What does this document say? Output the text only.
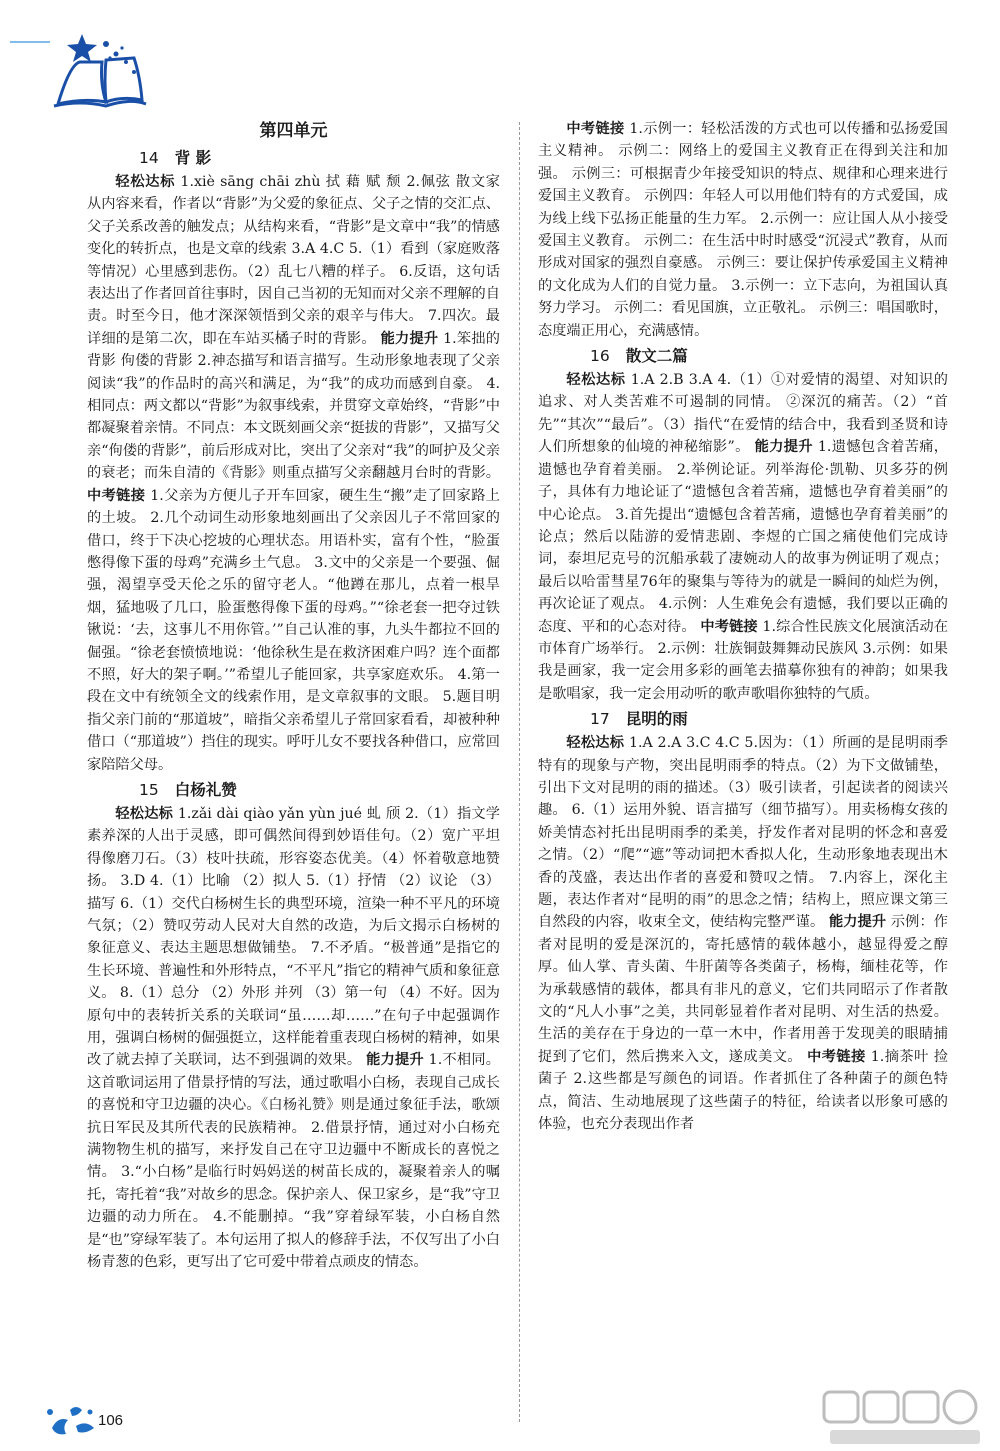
第四单元
14 背 影

轻松达标 1.xiè sāng chāi zhù 拭 藉 赋 颓 2.佩弦 散文家 从内容来看，作者以“背影”为父爱的象征点、父子之情的交汇点、父子关系改善的触发点；从结构来看，“背影”是文章中“我”的情感变化的转折点，也是文章的线索 3.A 4.C 5.（1）看到（家庭败落等情况）心里感到悲伤。（2）乱七八糟的样子。 6.反语，这句话表达出了作者回首往事时，因自己当初的无知而对父亲不理解的自责。时至今日，他才深深领悟到父亲的艰辛与伟大。 7.四次。最详细的是第二次，即在车站买橘子时的背影。 能力提升 1.笨拙的背影 佝偻的背影 2.神态描写和语言描写。生动形象地表现了父亲阅读“我”的作品时的高兴和满足，为“我”的成功而感到自豪。 4.相同点：两文都以“背影”为叙事线索，并贯穿文章始终，“背影”中都凝聚着亲情。不同点：本文既刻画父亲“挺拔的背影”，又描写父亲“佝偻的背影”，前后形成对比，突出了父亲对“我”的呵护及父亲的衰老；而朱自清的《背影》则重点描写父亲翻越月台时的背影。 中考链接 1.父亲为方便儿子开车回家，硬生生“搬”走了回家路上的土坡。 2.几个动词生动形象地刻画出了父亲因儿子不常回家的借口，终于下决心挖坡的心理状态。用语朴实，富有个性，“脸蛋憋得像下蛋的母鸡”充满乡土气息。 3.文中的父亲是一个要强、倔强，渴望享受天伦之乐的留守老人。“他蹲在那儿，点着一根旱烟，猛地吸了几口，脸蛋憋得像下蛋的母鸡。”“徐老套一把夺过铁锹说：‘去，这事儿不用你管。’”自己认准的事，九头牛都拉不回的倔强。“徐老套愤愤地说：‘他徐秋生是在救济困难户吗？连个面都不照，好大的架子啊。’”希望儿子能回家，共享家庭欢乐。 4.第一段在文中有统领全文的线索作用，是文章叙事的文眼。 5.题目明指父亲门前的“那道坡”，暗指父亲希望儿子常回家看看，却被种种借口（“那道坡”）挡住的现实。呼吁儿女不要找各种借口，应常回家陪陪父母。

15 白杨礼赞

轻松达标 1.zǎi dài qiào yǎn yùn jué 虬 颀 2.（1）指文学素养深的人出于灵感，即可偶然间得到妙语佳句。（2）宽广平坦得像磨刀石。（3）枝叶扶疏，形容姿态优美。（4）怀着敬意地赞扬。 3.D 4.（1）比喻 （2）拟人 5.（1）抒情 （2）议论 （3）描写 6.（1）交代白杨树生长的典型环境，渲染一种不平凡的环境气氛；（2）赞叹劳动人民对大自然的改造，为后文揭示白杨树的象征意义、表达主题思想做铺垫。 7.不矛盾。“极普通”是指它的生长环境、普遍性和外形特点，“不平凡”指它的精神气质和象征意义。 8.（1）总分 （2）外形 并列 （3）第一句 （4）不好。因为原句中的表转折关系的关联词“虽……却……”在句子中起强调作用，强调白杨树的倔强挺立，这样能着重表现白杨树的精神，如果改了就去掉了关联词，达不到强调的效果。 能力提升 1.不相同。这首歌词运用了借景抒情的写法，通过歌唱小白杨，表现自己成长的喜悦和守卫边疆的决心。《白杨礼赞》则是通过象征手法，歌颂抗日军民及其所代表的民族精神。 2.借景抒情，通过对小白杨充满物物生机的描写，来抒发自己在守卫边疆中不断成长的喜悦之情。 3.“小白杨”是临行时妈妈送的树苗长成的，凝聚着亲人的嘱托，寄托着“我”对故乡的思念。保护亲人、保卫家乡，是“我”守卫边疆的动力所在。 4.不能删掉。“我”穿着绿军装，小白杨自然是“也”穿绿军装了。本句运用了拟人的修辞手法，不仅写出了小白杨青葱的色彩，更写出了它可爱中带着点顽皮的情态。

中考链接 1.示例一：轻松活泼的方式也可以传播和弘扬爱国主义精神。 示例二：网络上的爱国主义教育正在得到关注和加强。 示例三：可根据青少年接受知识的特点、规律和心理来进行爱国主义教育。 示例四：年轻人可以用他们特有的方式爱国，成为线上线下弘扬正能量的生力军。 2.示例一：应让国人从小接受爱国主义教育。 示例二：在生活中时时感受“沉浸式”教育，从而形成对国家的强烈自豪感。 示例三：要让保护传承爱国主义精神的文化成为人们的自觉力量。 3.示例一：立下志向，为祖国认真努力学习。 示例二：看见国旗，立正敬礼。 示例三：唱国歌时，态度端正用心，充满感情。

16 散文二篇

轻松达标 1.A 2.B 3.A 4.（1）①对爱情的渴望、对知识的追求、对人类苦难不可遏制的同情。 ②深沉的痛苦。（2）“首先”“其次”“最后”。（3）指代“在爱情的结合中，我看到圣贤和诗人们所想象的仙境的神秘缩影”。 能力提升 1.遗憾包含着苦痛，遗憾也孕育着美丽。 2.举例论证。列举海伦·凯勒、贝多芬的例子，具体有力地论证了“遗憾包含着苦痛，遗憾也孕育着美丽”的中心论点。 3.首先提出“遗憾包含着苦痛，遗憾也孕育着美丽”的论点；然后以陆游的爱情悲剧、李煜的亡国之痛使他们完成诗词，泰坦尼克号的沉船承载了凄婉动人的故事为例证明了观点；最后以哈雷彗星76年的聚集与等待为的就是一瞬间的灿烂为例，再次论证了观点。 4.示例：人生难免会有遗憾，我们要以正确的态度、平和的心态对待。 中考链接 1.综合性民族文化展演活动在市体育广场举行。 2.示例：壮族铜鼓舞舞动民族风 3.示例：如果我是画家，我一定会用多彩的画笔去描摹你独有的神韵；如果我是歌唱家，我一定会用动听的歌声歌唱你独特的气质。

17 昆明的雨

轻松达标 1.A 2.A 3.C 4.C 5.因为：（1）所画的是昆明雨季特有的现象与产物，突出昆明雨季的特点。（2）为下文做铺垫，引出下文对昆明的雨的描述。（3）吸引读者，引起读者的阅读兴趣。 6.（1）运用外貌、语言描写（细节描写）。用卖杨梅女孩的娇美情态衬托出昆明雨季的柔美，抒发作者对昆明的怀念和喜爱之情。（2）“爬”“遮”等动词把木香拟人化，生动形象地表现出木香的茂盛，表达出作者的喜爱和赞叹之情。 7.内容上，深化主题，表达作者对“昆明的雨”的思念之情；结构上，照应课文第三自然段的内容，收束全文，使结构完整严谨。 能力提升 示例：作者对昆明的爱是深沉的，寄托感情的载体越小，越显得爱之醇厚。仙人掌、青头菌、牛肝菌等各类菌子，杨梅，缅桂花等，作为承载感情的载体，都具有非凡的意义，它们共同昭示了作者散文的“凡人小事”之美，共同彰显着作者对昆明、对生活的热爱。生活的美存在于身边的一草一木中，作者用善于发现美的眼睛捕捉到了它们，然后携来入文，遂成美文。 中考链接 1.摘茶叶 捡菌子 2.这些都是写颜色的词语。作者抓住了各种菌子的颜色特点，简洁、生动地展现了这些菌子的特征，给读者以形象可感的体验，也充分表现出作者

106
